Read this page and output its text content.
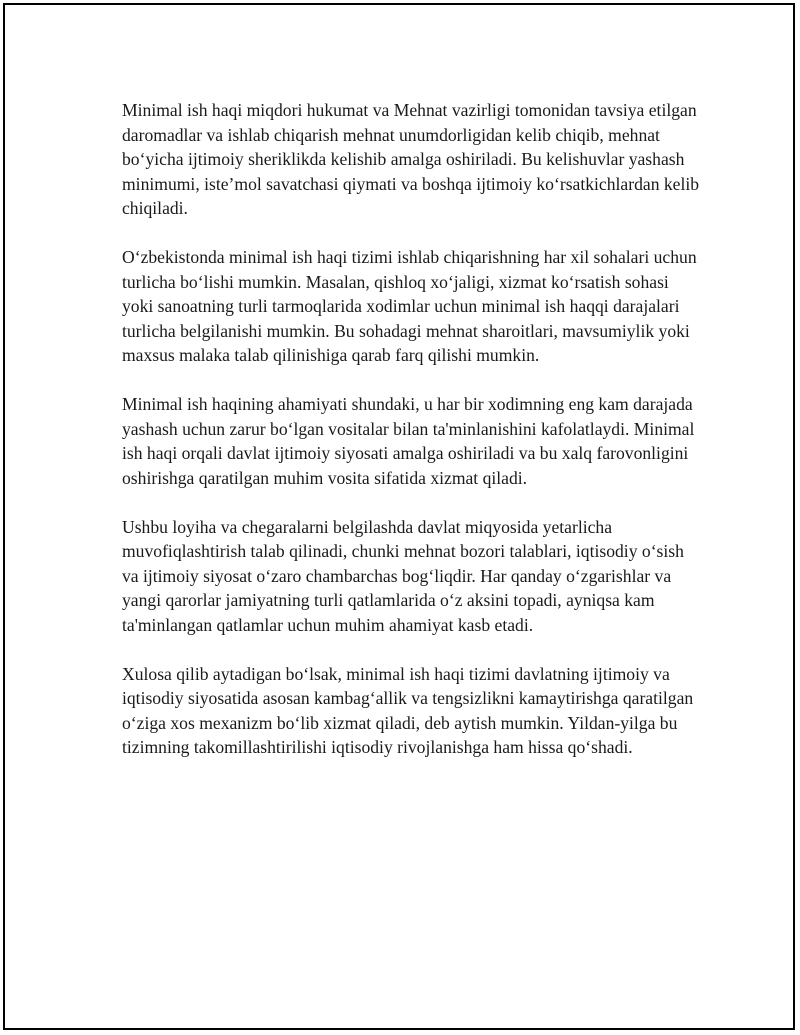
Minimal ish haqi miqdori hukumat va Mehnat vazirligi tomonidan tavsiya etilgan daromadlar va ishlab chiqarish mehnat unumdorligidan kelib chiqib, mehnat boʻyicha ijtimoiy sheriklikda kelishib amalga oshiriladi. Bu kelishuvlar yashash minimumi, iste’mol savatchasi qiymati va boshqa ijtimoiy koʻrsatkichlardan kelib chiqiladi.

Oʻzbekistonda minimal ish haqi tizimi ishlab chiqarishning har xil sohalari uchun turlicha boʻlishi mumkin. Masalan, qishloq xoʻjaligi, xizmat koʻrsatish sohasi yoki sanoatning turli tarmoqlarida xodimlar uchun minimal ish haqqi darajalari turlicha belgilanishi mumkin. Bu sohadagi mehnat sharoitlari, mavsumiylik yoki maxsus malaka talab qilinishiga qarab farq qilishi mumkin.

Minimal ish haqining ahamiyati shundaki, u har bir xodimning eng kam darajada yashash uchun zarur boʻlgan vositalar bilan ta'minlanishini kafolatlaydi. Minimal ish haqi orqali davlat ijtimoiy siyosati amalga oshiriladi va bu xalq farovonligini oshirishga qaratilgan muhim vosita sifatida xizmat qiladi.

Ushbu loyiha va chegaralarni belgilashda davlat miqyosida yetarlicha muvofiqlashtirish talab qilinadi, chunki mehnat bozori talablari, iqtisodiy oʻsish va ijtimoiy siyosat oʻzaro chambarchas bogʻliqdir. Har qanday oʻzgarishlar va yangi qarorlar jamiyatning turli qatlamlarida oʻz aksini topadi, ayniqsa kam ta'minlangan qatlamlar uchun muhim ahamiyat kasb etadi.

Xulosa qilib aytadigan boʻlsak, minimal ish haqi tizimi davlatning ijtimoiy va iqtisodiy siyosatida asosan kambagʻallik va tengsizlikni kamaytirishga qaratilgan oʻziga xos mexanizm boʻlib xizmat qiladi, deb aytish mumkin. Yildan-yilga bu tizimning takomillashtirilishi iqtisodiy rivojlanishga ham hissa qoʻshadi.
